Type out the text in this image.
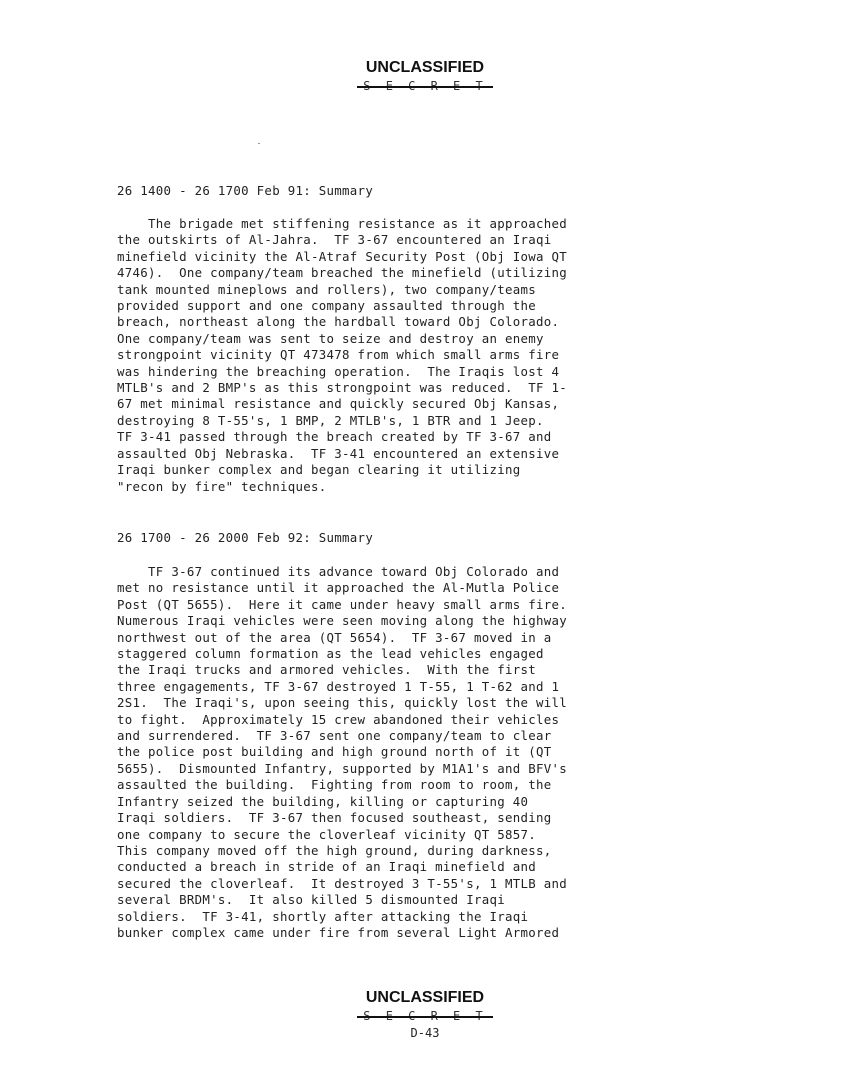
UNCLASSIFIED
S E C R E T

26 1400 - 26 1700 Feb 91: Summary

The brigade met stiffening resistance as it approached
the outskirts of Al-Jahra.  TF 3-67 encountered an Iraqi
minefield vicinity the Al-Atraf Security Post (Obj Iowa QT
4746).  One company/team breached the minefield (utilizing
tank mounted mineplows and rollers), two company/teams
provided support and one company assaulted through the
breach, northeast along the hardball toward Obj Colorado.
One company/team was sent to seize and destroy an enemy
strongpoint vicinity QT 473478 from which small arms fire
was hindering the breaching operation.  The Iraqis lost 4
MTLB's and 2 BMP's as this strongpoint was reduced.  TF 1-
67 met minimal resistance and quickly secured Obj Kansas,
destroying 8 T-55's, 1 BMP, 2 MTLB's, 1 BTR and 1 Jeep.
TF 3-41 passed through the breach created by TF 3-67 and
assaulted Obj Nebraska.  TF 3-41 encountered an extensive
Iraqi bunker complex and began clearing it utilizing
"recon by fire" techniques.

26 1700 - 26 2000 Feb 92: Summary

TF 3-67 continued its advance toward Obj Colorado and
met no resistance until it approached the Al-Mutla Police
Post (QT 5655).  Here it came under heavy small arms fire.
Numerous Iraqi vehicles were seen moving along the highway
northwest out of the area (QT 5654).  TF 3-67 moved in a
staggered column formation as the lead vehicles engaged
the Iraqi trucks and armored vehicles.  With the first
three engagements, TF 3-67 destroyed 1 T-55, 1 T-62 and 1
2S1.  The Iraqi's, upon seeing this, quickly lost the will
to fight.  Approximately 15 crew abandoned their vehicles
and surrendered.  TF 3-67 sent one company/team to clear
the police post building and high ground north of it (QT
5655).  Dismounted Infantry, supported by M1A1's and BFV's
assaulted the building.  Fighting from room to room, the
Infantry seized the building, killing or capturing 40
Iraqi soldiers.  TF 3-67 then focused southeast, sending
one company to secure the cloverleaf vicinity QT 5857.
This company moved off the high ground, during darkness,
conducted a breach in stride of an Iraqi minefield and
secured the cloverleaf.  It destroyed 3 T-55's, 1 MTLB and
several BRDM's.  It also killed 5 dismounted Iraqi
soldiers.  TF 3-41, shortly after attacking the Iraqi
bunker complex came under fire from several Light Armored
UNCLASSIFIED
S E C R E T
D-43
